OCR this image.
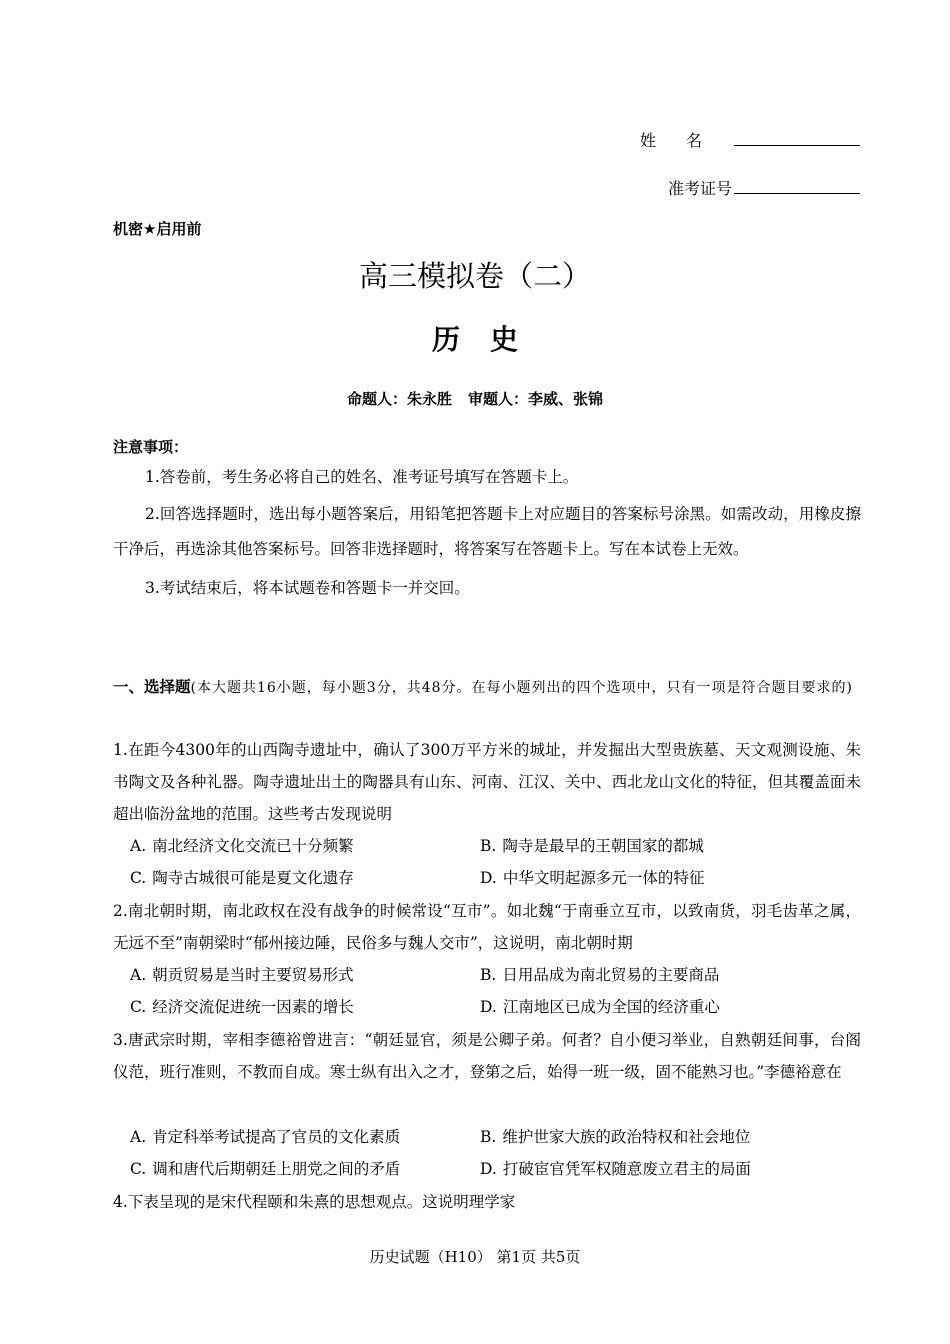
姓名
准考证号
机密★启用前
高三模拟卷（二）
历史
命题人：朱永胜 审题人：李威、张锦
注意事项：
1.答卷前，考生务必将自己的姓名、准考证号填写在答题卡上。
2.回答选择题时，选出每小题答案后，用铅笔把答题卡上对应题目的答案标号涂黑。如需改动，用橡皮擦干净后，再选涂其他答案标号。回答非选择题时，将答案写在答题卡上。写在本试卷上无效。
3.考试结束后，将本试题卷和答题卡一并交回。
一、选择题(本大题共16小题，每小题3分，共48分。在每小题列出的四个选项中，只有一项是符合题目要求的)
1.在距今4300年的山西陶寺遗址中，确认了300万平方米的城址，并发掘出大型贵族墓、天文观测设施、朱书陶文及各种礼器。陶寺遗址出土的陶器具有山东、河南、江汉、关中、西北龙山文化的特征，但其覆盖面未超出临汾盆地的范围。这些考古发现说明
A. 南北经济文化交流已十分频繁	B. 陶寺是最早的王朝国家的都城
C. 陶寺古城很可能是夏文化遗存	D. 中华文明起源多元一体的特征
2.南北朝时期，南北政权在没有战争的时候常设“互市”。如北魏“于南垂立互市，以致南货，羽毛齿革之属，无远不至”南朝梁时“郁州接边陲，民俗多与魏人交市”，这说明，南北朝时期
A. 朝贡贸易是当时主要贸易形式	B. 日用品成为南北贸易的主要商品
C. 经济交流促进统一因素的增长	D. 江南地区已成为全国的经济重心
3.唐武宗时期，宰相李德裕曾进言：“朝廷显官，须是公卿子弟。何者？自小便习举业，自熟朝廷间事，台阁仪范，班行准则，不教而自成。寒士纵有出入之才，登第之后，始得一班一级，固不能熟习也。”李德裕意在
A. 肯定科举考试提高了官员的文化素质	B. 维护世家大族的政治特权和社会地位
C. 调和唐代后期朝廷上朋党之间的矛盾	D. 打破宦官凭军权随意废立君主的局面
4.下表呈现的是宋代程颐和朱熹的思想观点。这说明理学家
历史试题（H10） 第1页 共5页
